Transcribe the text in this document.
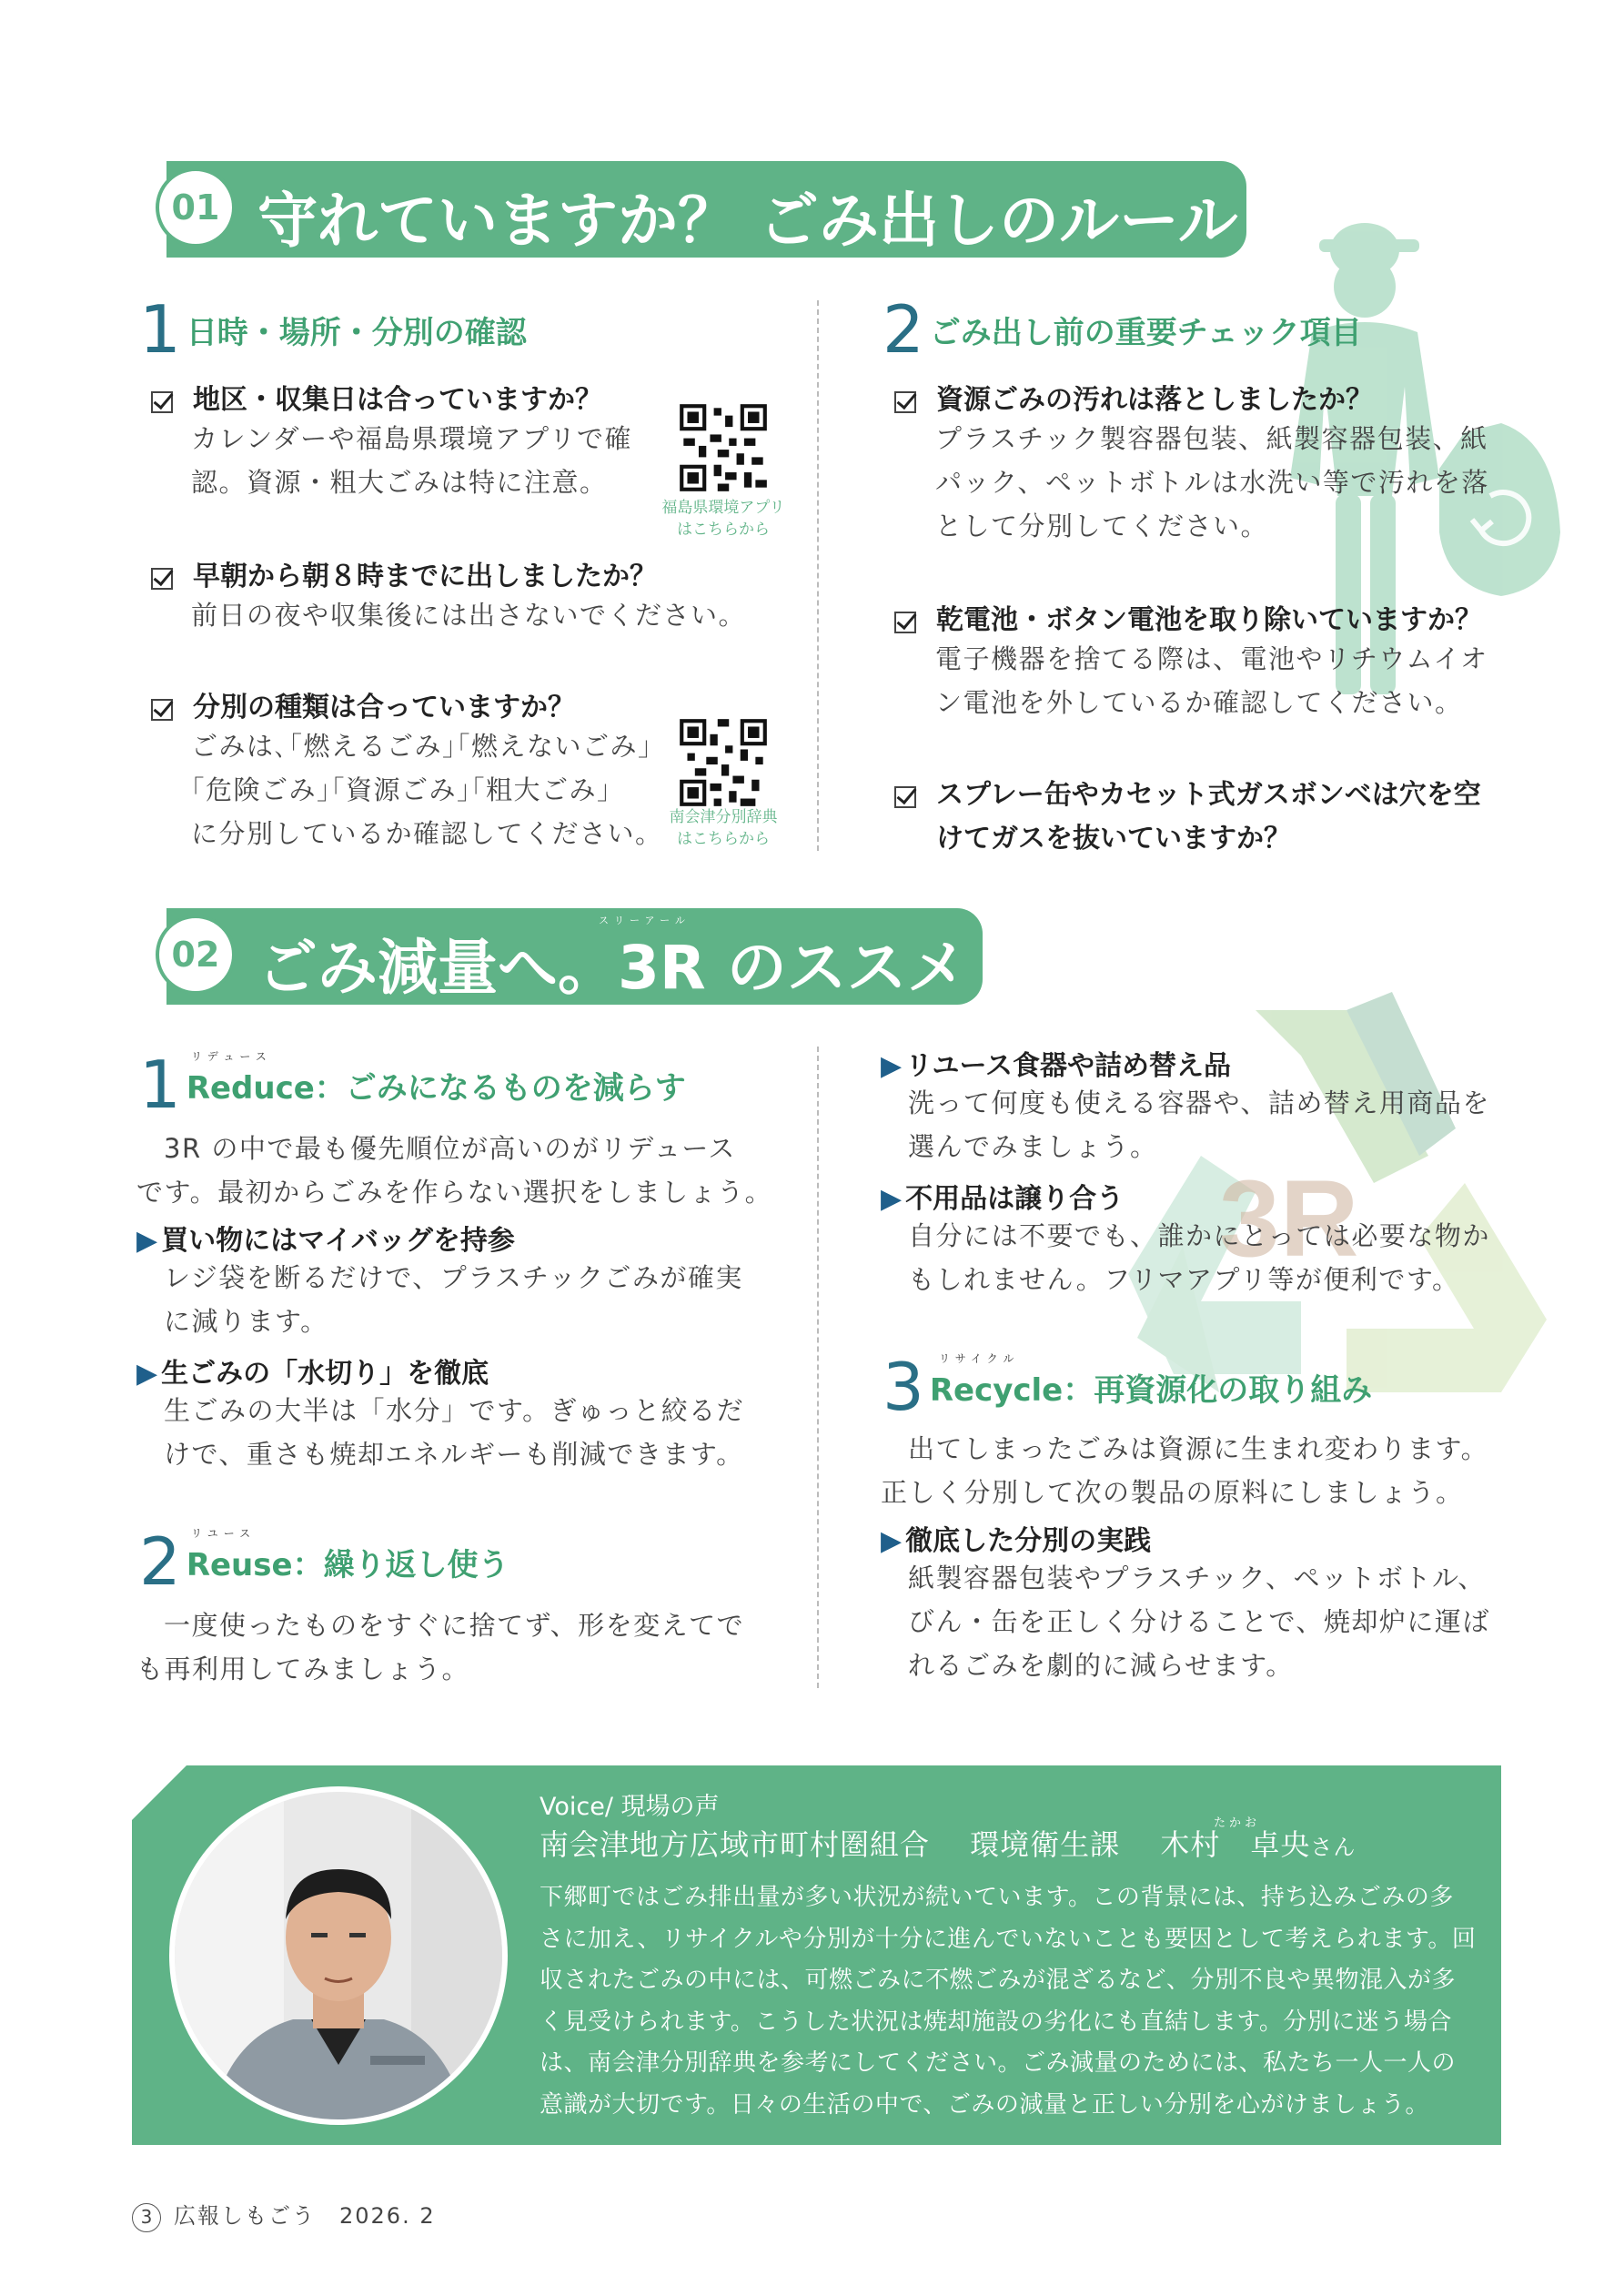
3R
01 守れていますか？ ごみ出しのルール
1 日時・場所・分別の確認
地区・収集日は合っていますか？
カレンダーや福島県環境アプリで確
認。資源・粗大ごみは特に注意。
福島県環境アプリ
はこちらから
早朝から朝８時までに出しましたか？
前日の夜や収集後には出さないでください。
分別の種類は合っていますか？
ごみは､｢燃えるごみ｣｢燃えないごみ｣
｢危険ごみ｣｢資源ごみ｣｢粗大ごみ｣
に分別しているか確認してください。
南会津分別辞典
はこちらから
2 ごみ出し前の重要チェック項目
資源ごみの汚れは落としましたか？
プラスチック製容器包装、紙製容器包装、紙
パック、ペットボトルは水洗い等で汚れを落
として分別してください。
乾電池・ボタン電池を取り除いていますか？
電子機器を捨てる際は、電池やリチウムイオ
ン電池を外しているか確認してください。
スプレー缶やカセット式ガスボンベは穴を空
けてガスを抜いていますか？
02 ごみ減量へ。3R のススメ
スリーアール
リデュース
1 Reduce：ごみになるものを減らす
3R の中で最も優先順位が高いのがリデュース
です。最初からごみを作らない選択をしましょう。
▶ 買い物にはマイバッグを持参
レジ袋を断るだけで、プラスチックごみが確実
に減ります。
▶ 生ごみの「水切り」を徹底
生ごみの大半は「水分」です。ぎゅっと絞るだ
けで、重さも焼却エネルギーも削減できます。
リユース
2 Reuse：繰り返し使う
一度使ったものをすぐに捨てず、形を変えてで
も再利用してみましょう。
▶ リユース食器や詰め替え品
洗って何度も使える容器や、詰め替え用商品を
選んでみましょう。
▶ 不用品は譲り合う
自分には不要でも、誰かにとっては必要な物か
もしれません。フリマアプリ等が便利です。
リサイクル
3 Recycle：再資源化の取り組み
出てしまったごみは資源に生まれ変わります。
正しく分別して次の製品の原料にしましょう。
▶ 徹底した分別の実践
紙製容器包装やプラスチック、ペットボトル、
びん・缶を正しく分けることで、焼却炉に運ば
れるごみを劇的に減らせます。
Voice/ 現場の声
たかお
南会津地方広域市町村圏組合　 環境衛生課　 木村　卓央さん
下郷町ではごみ排出量が多い状況が続いています。この背景には、持ち込みごみの多さに加え、リサイクルや分別が十分に進んでいないことも要因として考えられます。回収されたごみの中には、可燃ごみに不燃ごみが混ざるなど、分別不良や異物混入が多く見受けられます。こうした状況は焼却施設の劣化にも直結します。分別に迷う場合は、南会津分別辞典を参考にしてください。ごみ減量のためには、私たち一人一人の意識が大切です。日々の生活の中で、ごみの減量と正しい分別を心がけましょう。
3 広報しもごう　2026. 2
